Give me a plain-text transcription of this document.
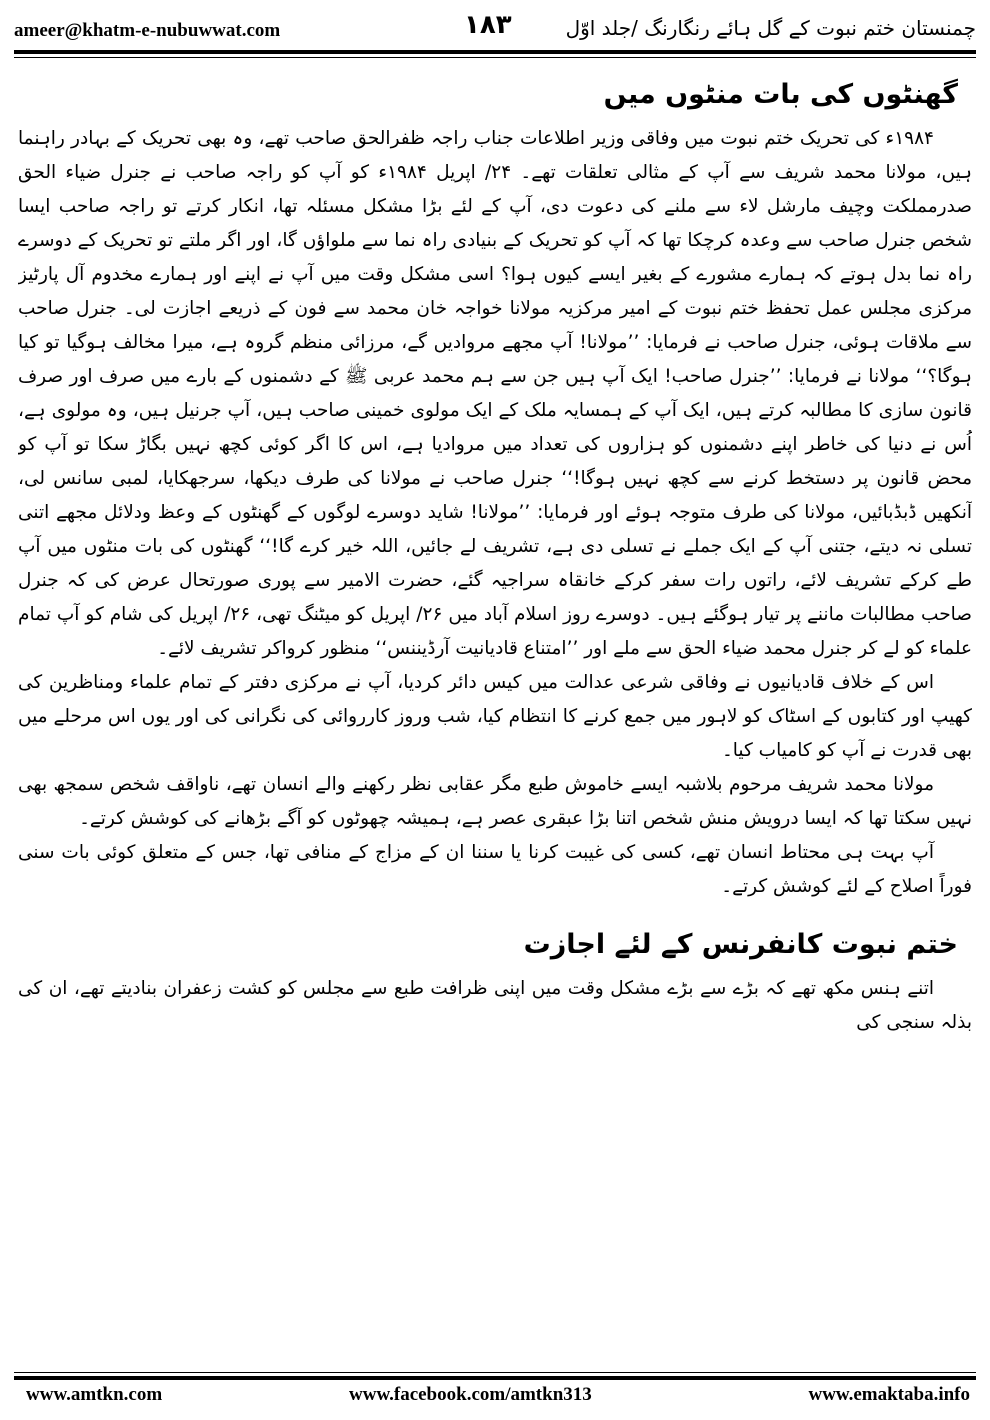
ameer@khatm-e-nubuwwat.com	۱۸۳	چمنستان ختم نبوت کے گل ہائے رنگارنگ /جلد اوّل
گھنٹوں کی بات منٹوں میں

۱۹۸۴ء کی تحریک ختم نبوت میں وفاقی وزیر اطلاعات جناب راجہ ظفرالحق صاحب تھے، وہ بھی تحریک کے بہادر راہنما ہیں، مولانا محمد شریف سے آپ کے مثالی تعلقات تھے۔ ۲۴/ اپریل ۱۹۸۴ء کو آپ کو راجہ صاحب نے جنرل ضیاء الحق صدرمملکت وچیف مارشل لاء سے ملنے کی دعوت دی، آپ کے لئے بڑا مشکل مسئلہ تھا، انکار کرتے تو راجہ صاحب ایسا شخص جنرل صاحب سے وعدہ کرچکا تھا کہ آپ کو تحریک کے بنیادی راہ نما سے ملواؤں گا، اور اگر ملتے تو تحریک کے دوسرے راہ نما بدل ہوتے کہ ہمارے مشورے کے بغیر ایسے کیوں ہوا؟ اسی مشکل وقت میں آپ نے اپنے اور ہمارے مخدوم آل پارٹیز مرکزی مجلس عمل تحفظ ختم نبوت کے امیر مرکزیہ مولانا خواجہ خان محمد سے فون کے ذریعے اجازت لی۔ جنرل صاحب سے ملاقات ہوئی، جنرل صاحب نے فرمایا: ’’مولانا! آپ مجھے مروادیں گے، مرزائی منظم گروہ ہے، میرا مخالف ہوگیا تو کیا ہوگا؟‘‘ مولانا نے فرمایا: ’’جنرل صاحب! ایک آپ ہیں جن سے ہم محمد عربی ﷺ کے دشمنوں کے بارے میں صرف اور صرف قانون سازی کا مطالبہ کرتے ہیں، ایک آپ کے ہمسایہ ملک کے ایک مولوی خمینی صاحب ہیں، آپ جرنیل ہیں، وہ مولوی ہے، اُس نے دنیا کی خاطر اپنے دشمنوں کو ہزاروں کی تعداد میں مروادیا ہے، اس کا اگر کوئی کچھ نہیں بگاڑ سکا تو آپ کو محض قانون پر دستخط کرنے سے کچھ نہیں ہوگا!‘‘ جنرل صاحب نے مولانا کی طرف دیکھا، سرجھکایا، لمبی سانس لی، آنکھیں ڈبڈبائیں، مولانا کی طرف متوجہ ہوئے اور فرمایا: ’’مولانا! شاید دوسرے لوگوں کے گھنٹوں کے وعظ ودلائل مجھے اتنی تسلی نہ دیتے، جتنی آپ کے ایک جملے نے تسلی دی ہے، تشریف لے جائیں، اللہ خیر کرے گا!‘‘ گھنٹوں کی بات منٹوں میں آپ طے کرکے تشریف لائے، راتوں رات سفر کرکے خانقاہ سراجیہ گئے، حضرت الامیر سے پوری صورتحال عرض کی کہ جنرل صاحب مطالبات ماننے پر تیار ہوگئے ہیں۔ دوسرے روز اسلام آباد میں ۲۶/ اپریل کو میٹنگ تھی، ۲۶/ اپریل کی شام کو آپ تمام علماء کو لے کر جنرل محمد ضیاء الحق سے ملے اور ’’امتناع قادیانیت آرڈیننس‘‘ منظور کرواکر تشریف لائے۔

اس کے خلاف قادیانیوں نے وفاقی شرعی عدالت میں کیس دائر کردیا، آپ نے مرکزی دفتر کے تمام علماء ومناظرین کی کھیپ اور کتابوں کے اسٹاک کو لاہور میں جمع کرنے کا انتظام کیا، شب وروز کارروائی کی نگرانی کی اور یوں اس مرحلے میں بھی قدرت نے آپ کو کامیاب کیا۔

مولانا محمد شریف مرحوم بلاشبہ ایسے خاموش طبع مگر عقابی نظر رکھنے والے انسان تھے، ناواقف شخص سمجھ بھی نہیں سکتا تھا کہ ایسا درویش منش شخص اتنا بڑا عبقری عصر ہے، ہمیشہ چھوٹوں کو آگے بڑھانے کی کوشش کرتے۔

آپ بہت ہی محتاط انسان تھے، کسی کی غیبت کرنا یا سننا ان کے مزاج کے منافی تھا، جس کے متعلق کوئی بات سنی فوراً اصلاح کے لئے کوشش کرتے۔

ختم نبوت کانفرنس کے لئے اجازت

اتنے ہنس مکھ تھے کہ بڑے سے بڑے مشکل وقت میں اپنی ظرافت طبع سے مجلس کو کشت زعفران بنادیتے تھے، ان کی بذلہ سنجی کی

www.amtkn.com	www.facebook.com/amtkn313	www.emaktaba.info
